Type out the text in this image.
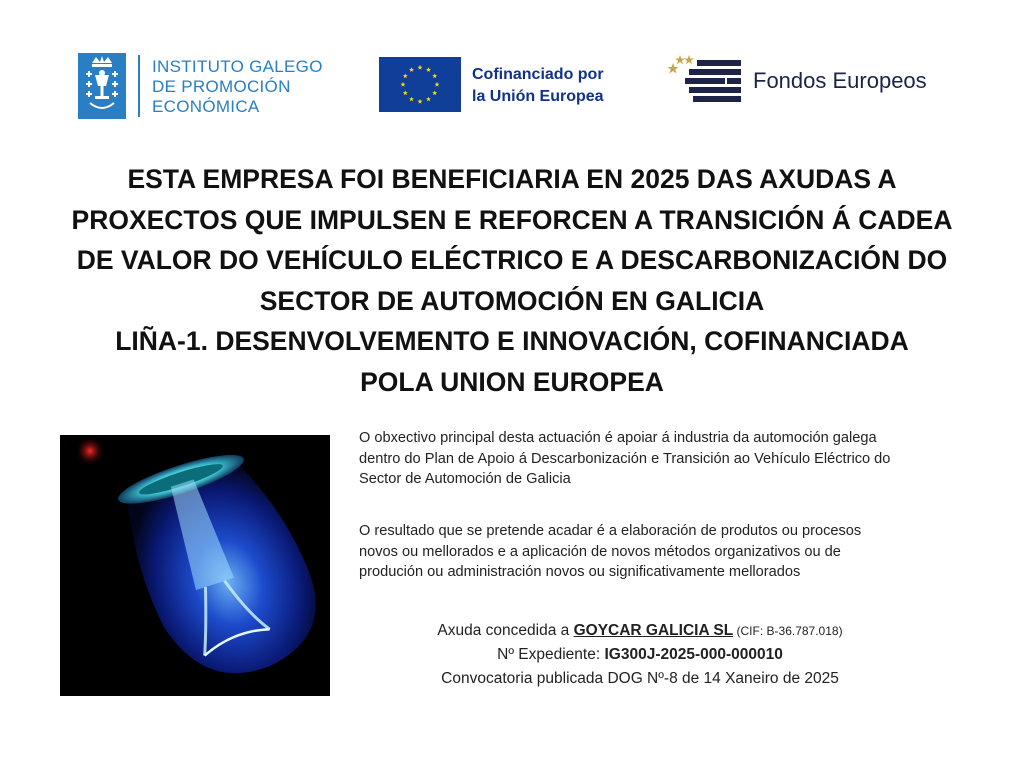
INSTITUTO GALEGO
DE PROMOCIÓN
ECONÓMICA
Cofinanciado por
la Unión Europea
Fondos Europeos
ESTA EMPRESA FOI BENEFICIARIA EN 2025 DAS AXUDAS A
PROXECTOS QUE IMPULSEN E REFORCEN A TRANSICIÓN Á CADEA
DE VALOR DO VEHÍCULO ELÉCTRICO E A DESCARBONIZACIÓN DO
SECTOR DE AUTOMOCIÓN EN GALICIA
LIÑA-1. DESENVOLVEMENTO E INNOVACIÓN, COFINANCIADA
POLA UNION EUROPEA

O obxectivo principal desta actuación é apoiar á industria da automoción galega
dentro do Plan de Apoio á Descarbonización e Transición ao Vehículo Eléctrico do
Sector de Automoción de Galicia

O resultado que se pretende acadar é a elaboración de produtos ou procesos
novos ou mellorados e a aplicación de novos métodos organizativos ou de
produción ou administración novos ou significativamente mellorados

Axuda concedida a GOYCAR GALICIA SL (CIF: B-36.787.018)
Nº Expediente: IG300J-2025-000-000010
Convocatoria publicada DOG Nº-8 de 14 Xaneiro de 2025
